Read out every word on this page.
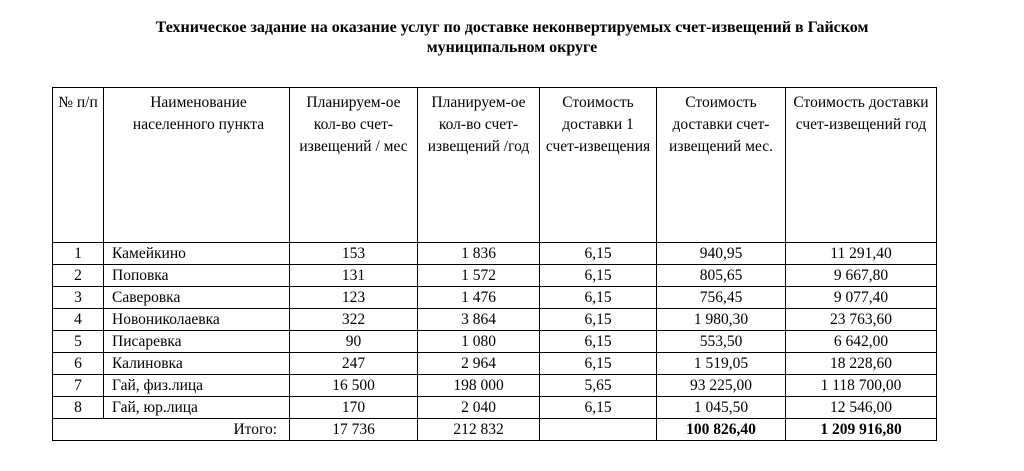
Техническое задание на оказание услуг по доставке неконвертируемых счет-извещений в Гайском
муниципальном округе
№ п/п	Наименование населенного пункта	Планируем-ое кол-во счет-извещений / мес	Планируем-ое кол-во счет-извещений /год	Стоимость доставки 1 счет-извещения	Стоимость доставки счет-извещений мес.	Стоимость доставки счет-извещений год
1	Камейкино	153	1 836	6,15	940,95	11 291,40
2	Поповка	131	1 572	6,15	805,65	9 667,80
3	Саверовка	123	1 476	6,15	756,45	9 077,40
4	Новониколаевка	322	3 864	6,15	1 980,30	23 763,60
5	Писаревка	90	1 080	6,15	553,50	6 642,00
6	Калиновка	247	2 964	6,15	1 519,05	18 228,60
7	Гай, физ.лица	16 500	198 000	5,65	93 225,00	1 118 700,00
8	Гай, юр.лица	170	2 040	6,15	1 045,50	12 546,00
Итого:		17 736	212 832		100 826,40	1 209 916,80
